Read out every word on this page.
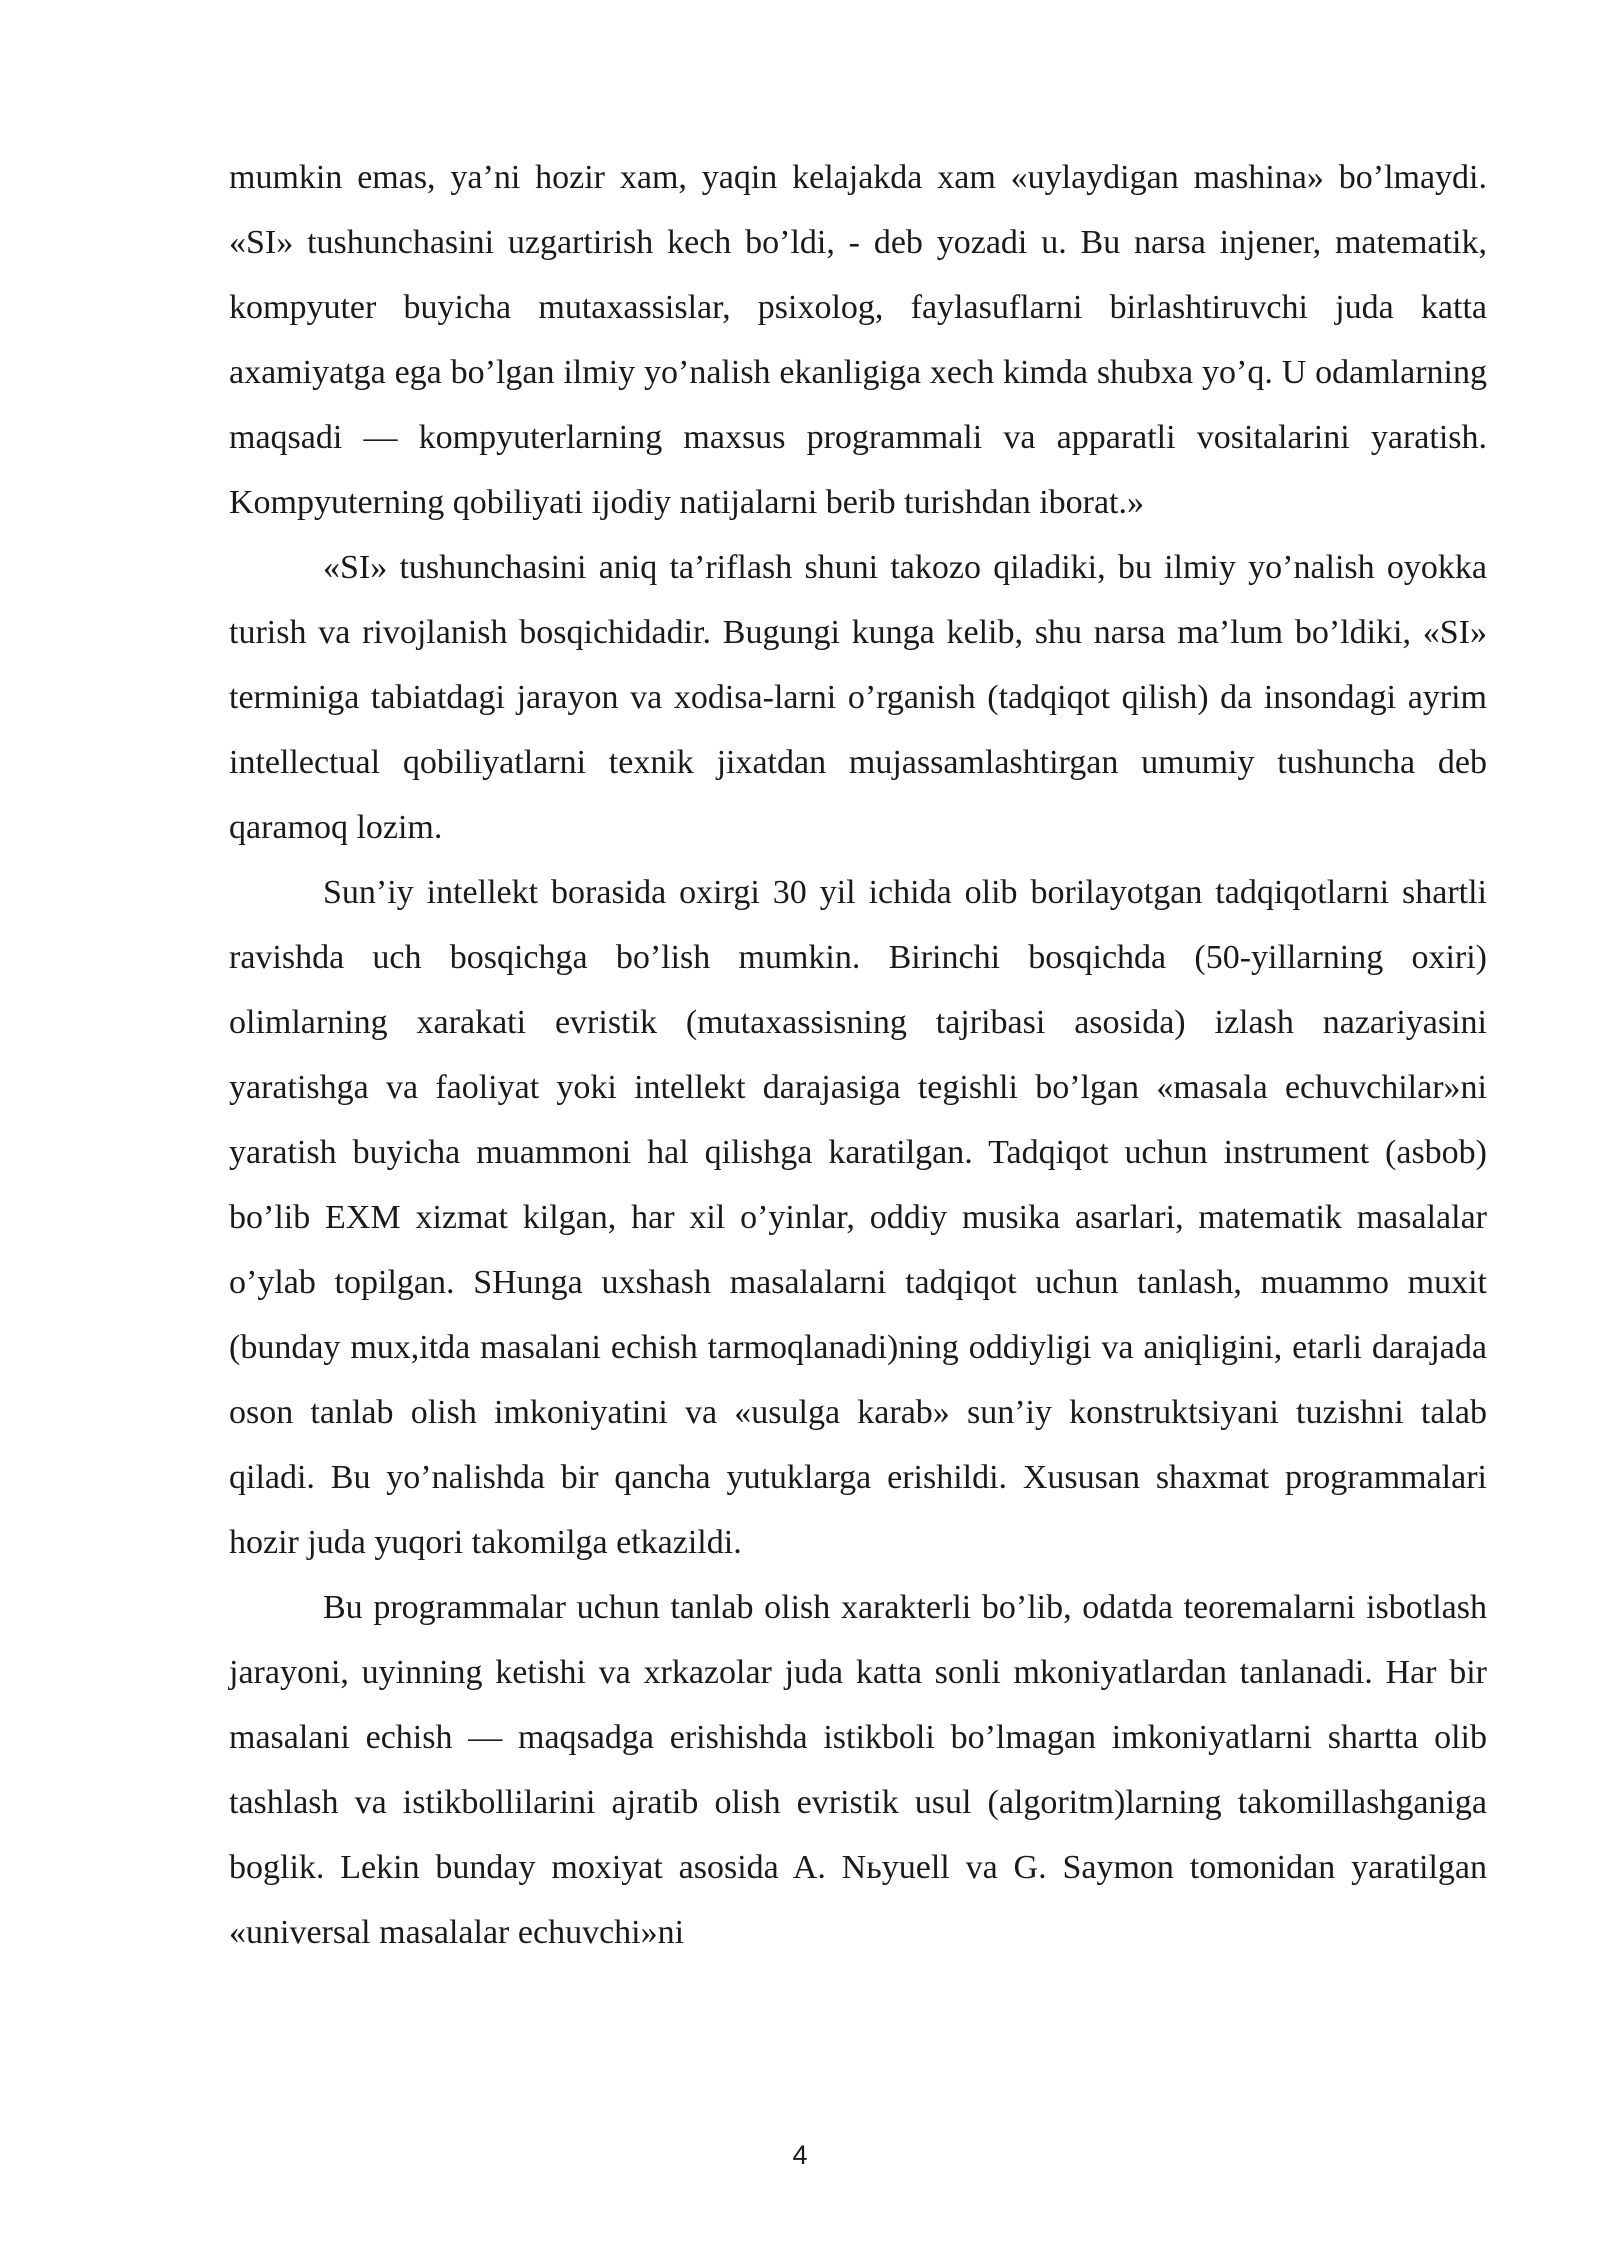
mumkin emas, ya’ni hozir xam, yaqin kelajakda xam «uylaydigan mashina» bo’lmaydi. «SI» tushunchasini uzgartirish kech bo’ldi, - deb yozadi u. Bu narsa injener, matematik, kompyuter buyicha mutaxassislar, psixolog, faylasuflarni birlashtiruvchi juda katta axamiyatga ega bo’lgan ilmiy yo’nalish ekanligiga xech kimda shubxa yo’q. U odamlarning maqsadi — kompyuterlarning maxsus programmali va apparatli vositalarini yaratish. Kompyuterning qobiliyati ijodiy natijalarni berib turishdan iborat.»

«SI» tushunchasini aniq ta’riflash shuni takozo qiladiki, bu ilmiy yo’nalish oyokka turish va rivojlanish bosqichidadir. Bugungi kunga kelib, shu narsa ma’lum bo’ldiki, «SI» terminiga tabiatdagi jarayon va xodisa-larni o’rganish (tadqiqot qilish) da insondagi ayrim intellectual qobiliyatlarni texnik jixatdan mujassamlashtirgan umumiy tushuncha deb qaramoq lozim.

Sun’iy intellekt borasida oxirgi 30 yil ichida olib borilayotgan tadqiqotlarni shartli ravishda uch bosqichga bo’lish mumkin. Birinchi bosqichda (50-yillarning oxiri) olimlarning xarakati evristik (mutaxassisning tajribasi asosida) izlash nazariyasini yaratishga va faoliyat yoki intellekt darajasiga tegishli bo’lgan «masala echuvchilar»ni yaratish buyicha muammoni hal qilishga karatilgan. Tadqiqot uchun instrument (asbob) bo’lib EXM xizmat kilgan, har xil o’yinlar, oddiy musika asarlari, matematik masalalar o’ylab topilgan. SHunga uxshash masalalarni tadqiqot uchun tanlash, muammo muxit (bunday mux,itda masalani echish tarmoqlanadi)ning oddiyligi va aniqligini, etarli darajada oson tanlab olish imkoniyatini va «usulga karab» sun’iy konstruktsiyani tuzishni talab qiladi. Bu yo’nalishda bir qancha yutuklarga erishildi. Xususan shaxmat programmalari hozir juda yuqori takomilga etkazildi.

Bu programmalar uchun tanlab olish xarakterli bo’lib, odatda teoremalarni isbotlash jarayoni, uyinning ketishi va xrkazolar juda katta sonli mkoniyatlardan tanlanadi. Har bir masalani echish — maqsadga erishishda istikboli bo’lmagan imkoniyatlarni shartta olib tashlash va istikbollilarini ajratib olish evristik usul (algoritm)larning takomillashganiga boglik. Lekin bunday moxiyat asosida A. Nьyuell va G. Saymon tomonidan yaratilgan «universal masalalar echuvchi»ni

4
